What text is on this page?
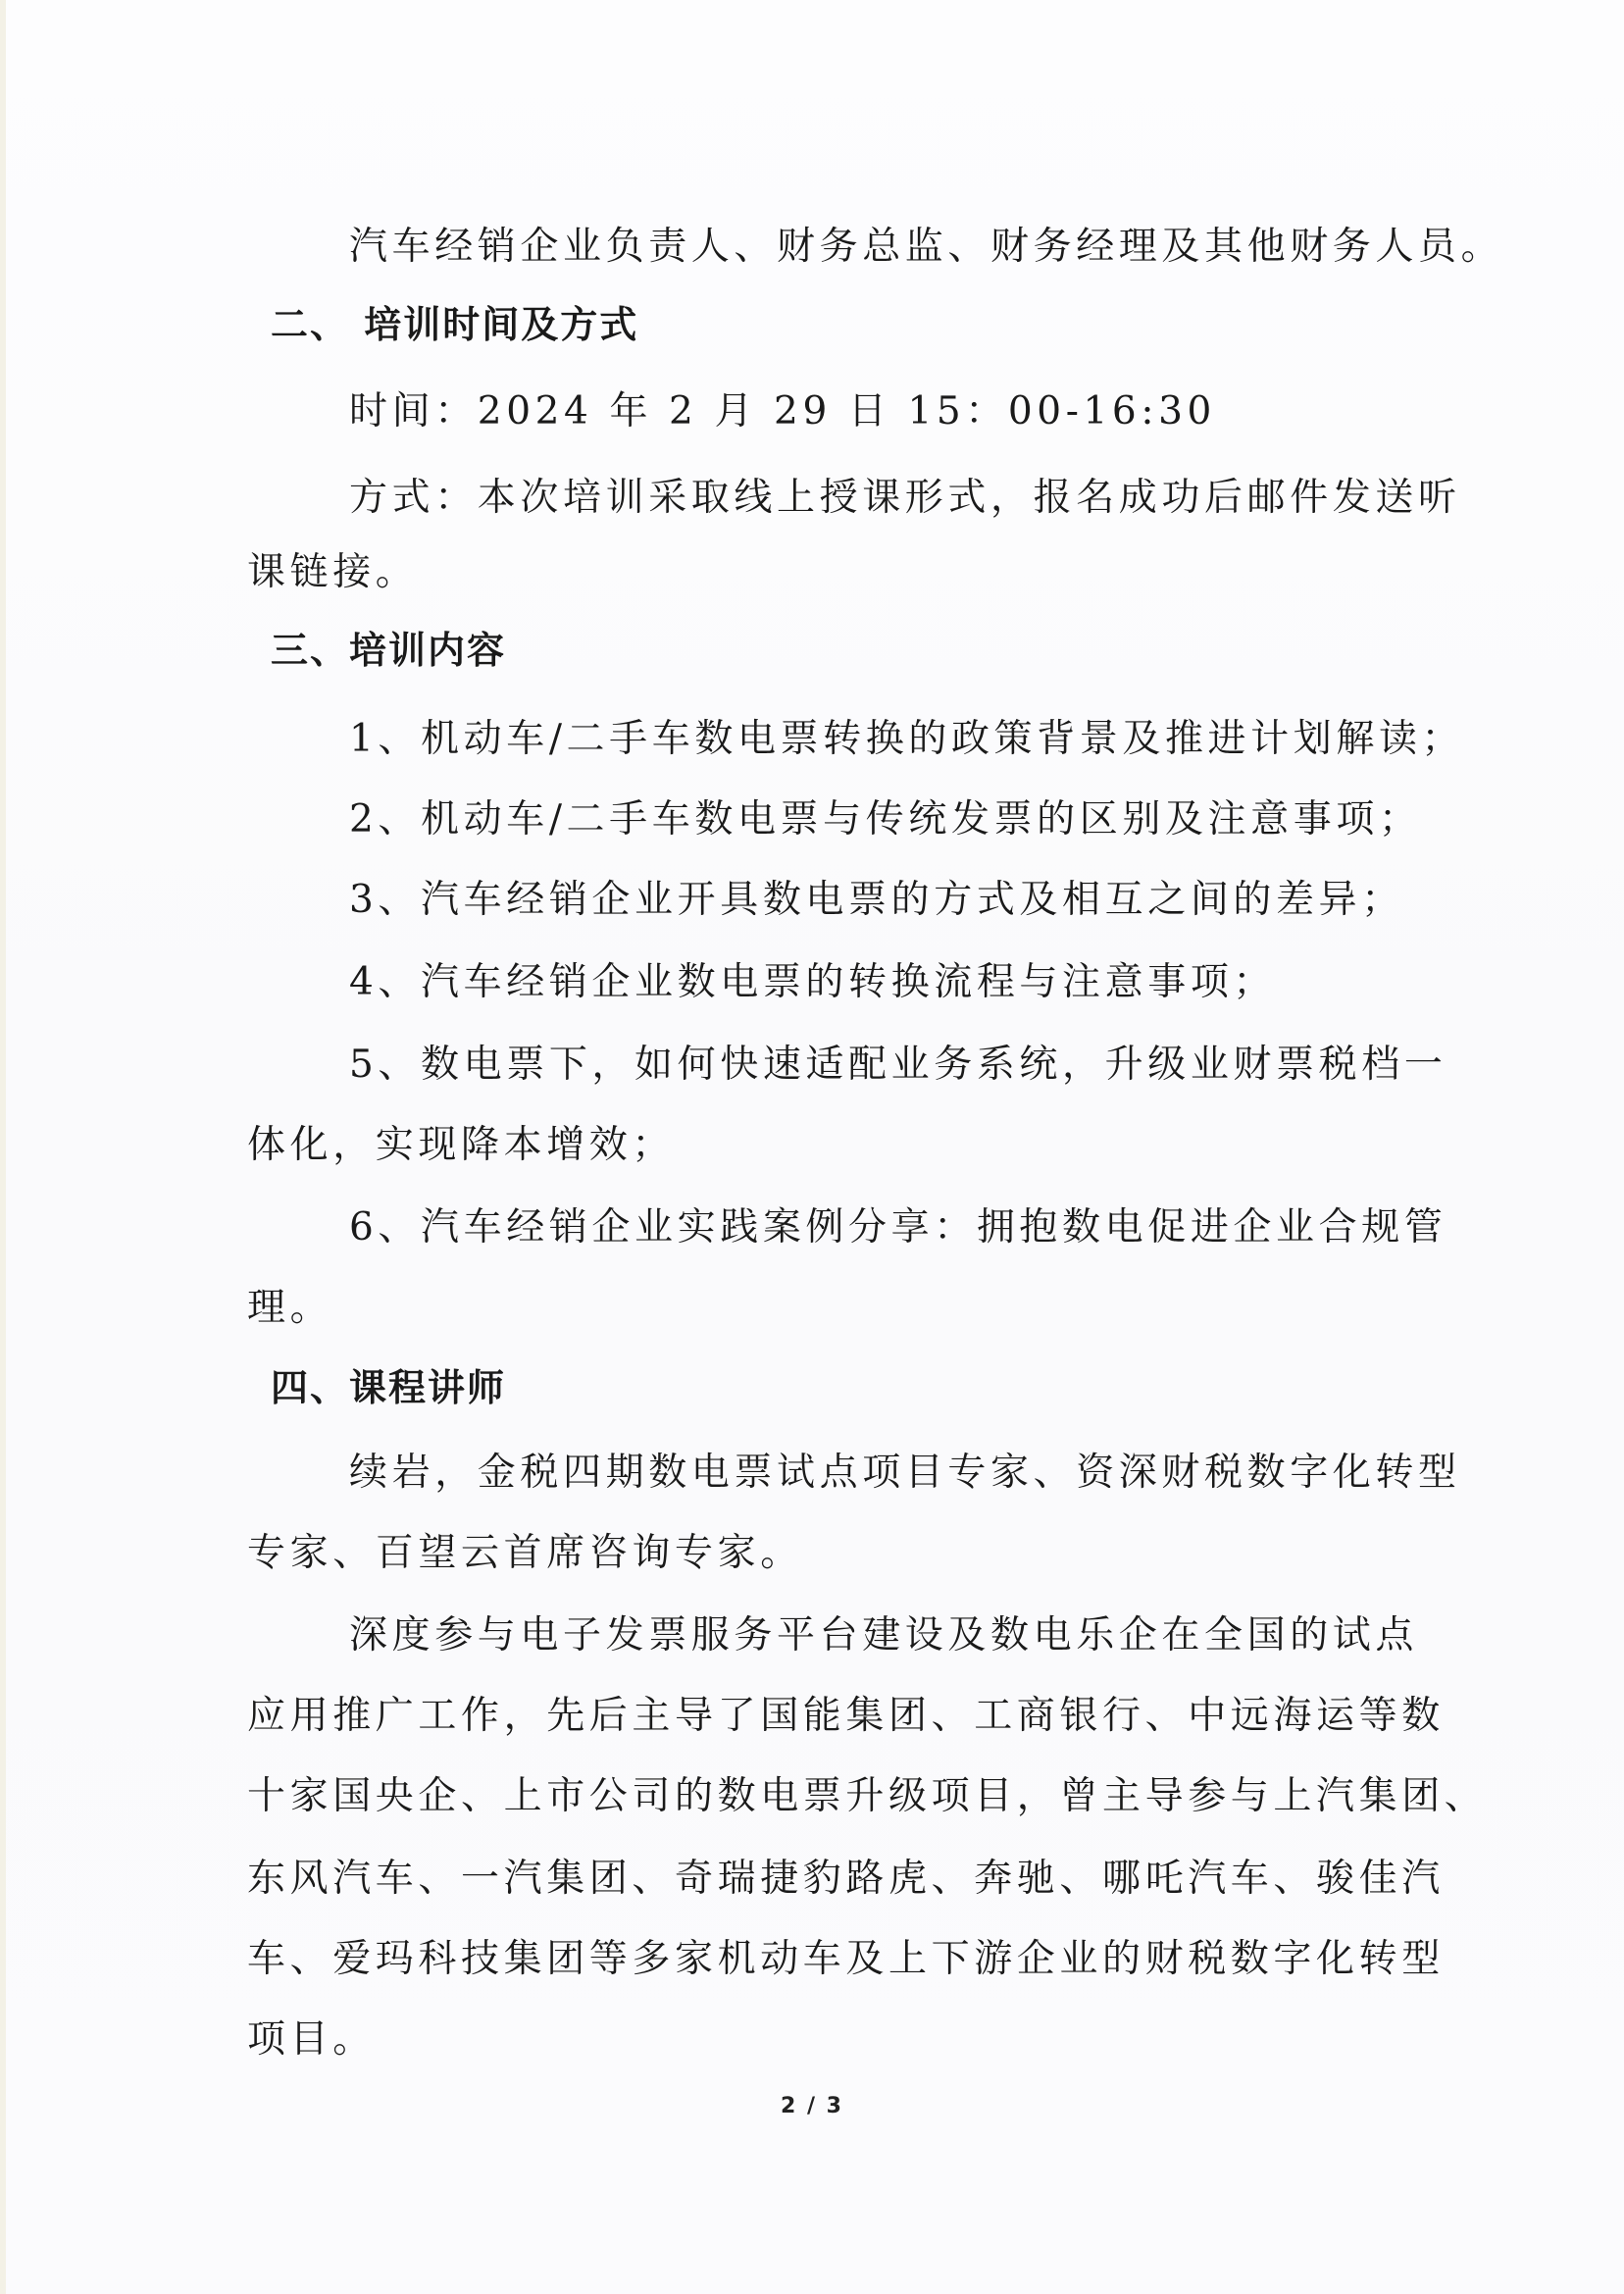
汽车经销企业负责人、财务总监、财务经理及其他财务人员。
二、 培训时间及方式
时间：2024 年 2 月 29 日 15：00-16:30
方式：本次培训采取线上授课形式，报名成功后邮件发送听
课链接。
三、培训内容
1、机动车/二手车数电票转换的政策背景及推进计划解读；
2、机动车/二手车数电票与传统发票的区别及注意事项；
3、汽车经销企业开具数电票的方式及相互之间的差异；
4、汽车经销企业数电票的转换流程与注意事项；
5、数电票下，如何快速适配业务系统，升级业财票税档一
体化，实现降本增效；
6、汽车经销企业实践案例分享：拥抱数电促进企业合规管
理。
四、课程讲师
续岩，金税四期数电票试点项目专家、资深财税数字化转型
专家、百望云首席咨询专家。
深度参与电子发票服务平台建设及数电乐企在全国的试点
应用推广工作，先后主导了国能集团、工商银行、中远海运等数
十家国央企、上市公司的数电票升级项目，曾主导参与上汽集团、
东风汽车、一汽集团、奇瑞捷豹路虎、奔驰、哪吒汽车、骏佳汽
车、爱玛科技集团等多家机动车及上下游企业的财税数字化转型
项目。
2 / 3
